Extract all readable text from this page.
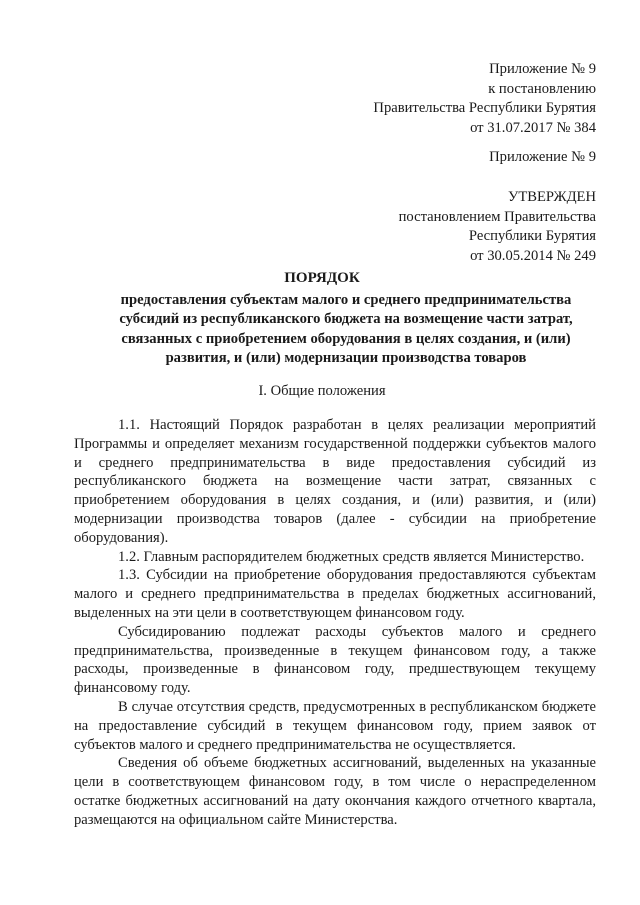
Приложение № 9
к постановлению
Правительства Республики Бурятия
от 31.07.2017 № 384
Приложение № 9
УТВЕРЖДЕН
постановлением Правительства
Республики Бурятия
от 30.05.2014 № 249
ПОРЯДОК
предоставления субъектам малого и среднего предпринимательства
субсидий из республиканского бюджета на возмещение части затрат,
связанных с приобретением оборудования в целях создания, и (или)
развития, и (или) модернизации производства товаров
I. Общие положения

1.1. Настоящий Порядок разработан в целях реализации мероприятий Программы и определяет механизм государственной поддержки субъектов малого и среднего предпринимательства в виде предоставления субсидий из республиканского бюджета на возмещение части затрат, связанных с приобретением оборудования в целях создания, и (или) развития, и (или) модернизации производства товаров (далее - субсидии на приобретение оборудования).

1.2. Главным распорядителем бюджетных средств является Министерство.

1.3. Субсидии на приобретение оборудования предоставляются субъектам малого и среднего предпринимательства в пределах бюджетных ассигнований, выделенных на эти цели в соответствующем финансовом году.

Субсидированию подлежат расходы субъектов малого и среднего предпринимательства, произведенные в текущем финансовом году, а также расходы, произведенные в финансовом году, предшествующем текущему финансовому году.

В случае отсутствия средств, предусмотренных в республиканском бюджете на предоставление субсидий в текущем финансовом году, прием заявок от субъектов малого и среднего предпринимательства не осуществляется.

Сведения об объеме бюджетных ассигнований, выделенных на указанные цели в соответствующем финансовом году, в том числе о нераспределенном остатке бюджетных ассигнований на дату окончания каждого отчетного квартала, размещаются на официальном сайте Министерства.
